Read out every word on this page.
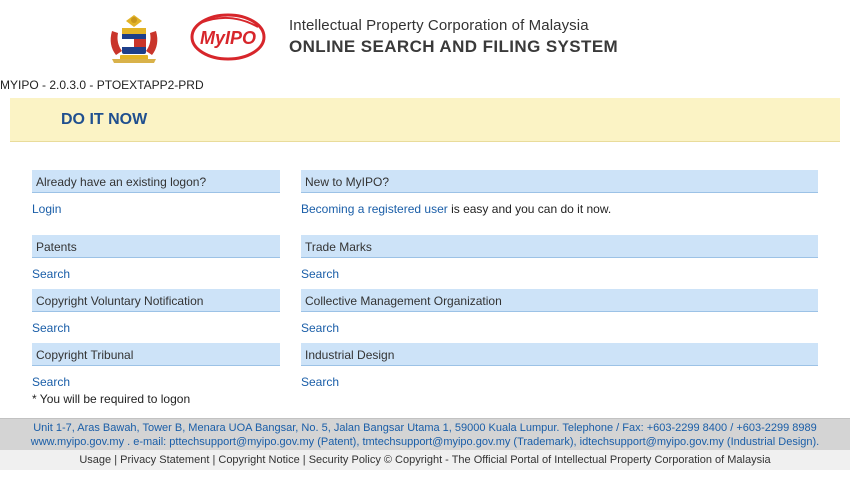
MyIPO
Intellectual Property Corporation of Malaysia
ONLINE SEARCH AND FILING SYSTEM
MYIPO - 2.0.3.0 - PTOEXTAPP2-PRD
DO IT NOW
Already have an existing logon?
Login
New to MyIPO?
Becoming a registered user is easy and you can do it now.
Patents
Search
Trade Marks
Search
Copyright Voluntary Notification
Search
Collective Management Organization
Search
Copyright Tribunal
Search
Industrial Design
Search
* You will be required to logon
Unit 1-7, Aras Bawah, Tower B, Menara UOA Bangsar, No. 5, Jalan Bangsar Utama 1, 59000 Kuala Lumpur. Telephone / Fax: +603-2299 8400 / +603-2299 8989
www.myipo.gov.my . e-mail: pttechsupport@myipo.gov.my (Patent), tmtechsupport@myipo.gov.my (Trademark), idtechsupport@myipo.gov.my (Industrial Design).
Usage | Privacy Statement | Copyright Notice | Security Policy © Copyright - The Official Portal of Intellectual Property Corporation of Malaysia
